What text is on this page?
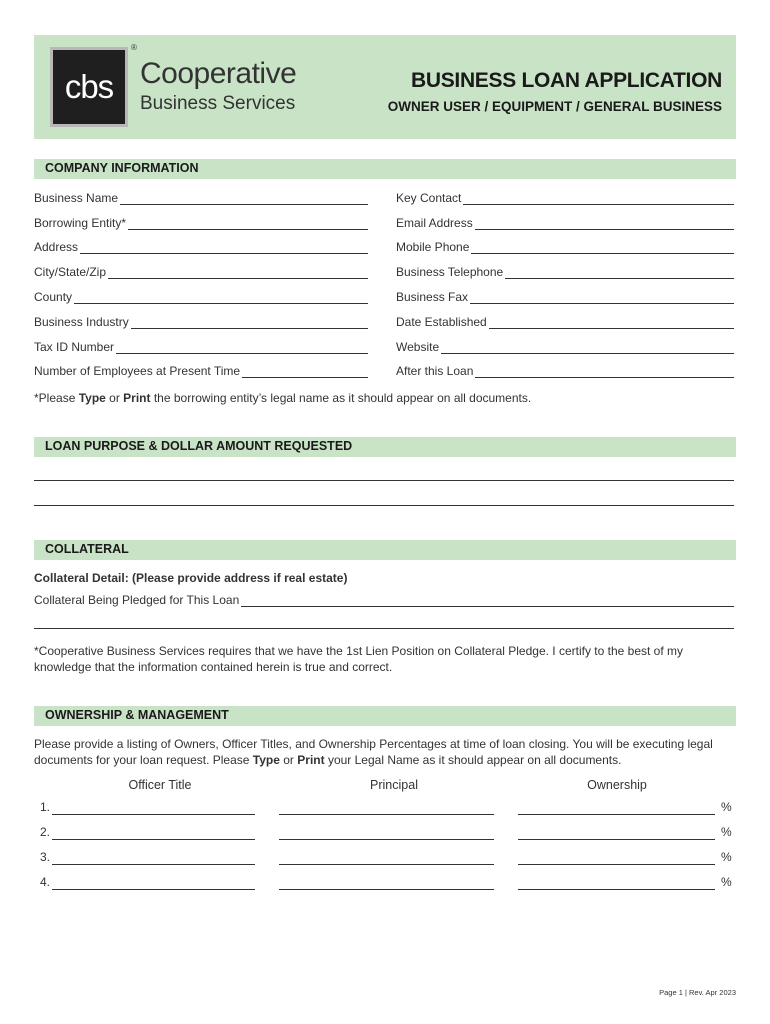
cbs
®
Cooperative
Business Services
BUSINESS LOAN APPLICATION
OWNER USER / EQUIPMENT / GENERAL BUSINESS
COMPANY INFORMATION
Business Name
Borrowing Entity*
Address
City/State/Zip
County
Business Industry
Tax ID Number
Number of Employees at Present Time
Key Contact
Email Address
Mobile Phone
Business Telephone
Business Fax
Date Established
Website
After this Loan
*Please Type or Print the borrowing entity’s legal name as it should appear on all documents.
LOAN PURPOSE & DOLLAR AMOUNT REQUESTED
COLLATERAL
Collateral Detail: (Please provide address if real estate)
Collateral Being Pledged for This Loan
*Cooperative Business Services requires that we have the 1st Lien Position on Collateral Pledge. I certify to the best of my knowledge that the information contained herein is true and correct.
OWNERSHIP & MANAGEMENT
Please provide a listing of Owners, Officer Titles, and Ownership Percentages at time of loan closing. You will be executing legal documents for your loan request. Please Type or Print your Legal Name as it should appear on all documents.
Officer Title	Principal	Ownership
1.	%
2.	%
3.	%
4.	%
Page 1 | Rev. Apr 2023
